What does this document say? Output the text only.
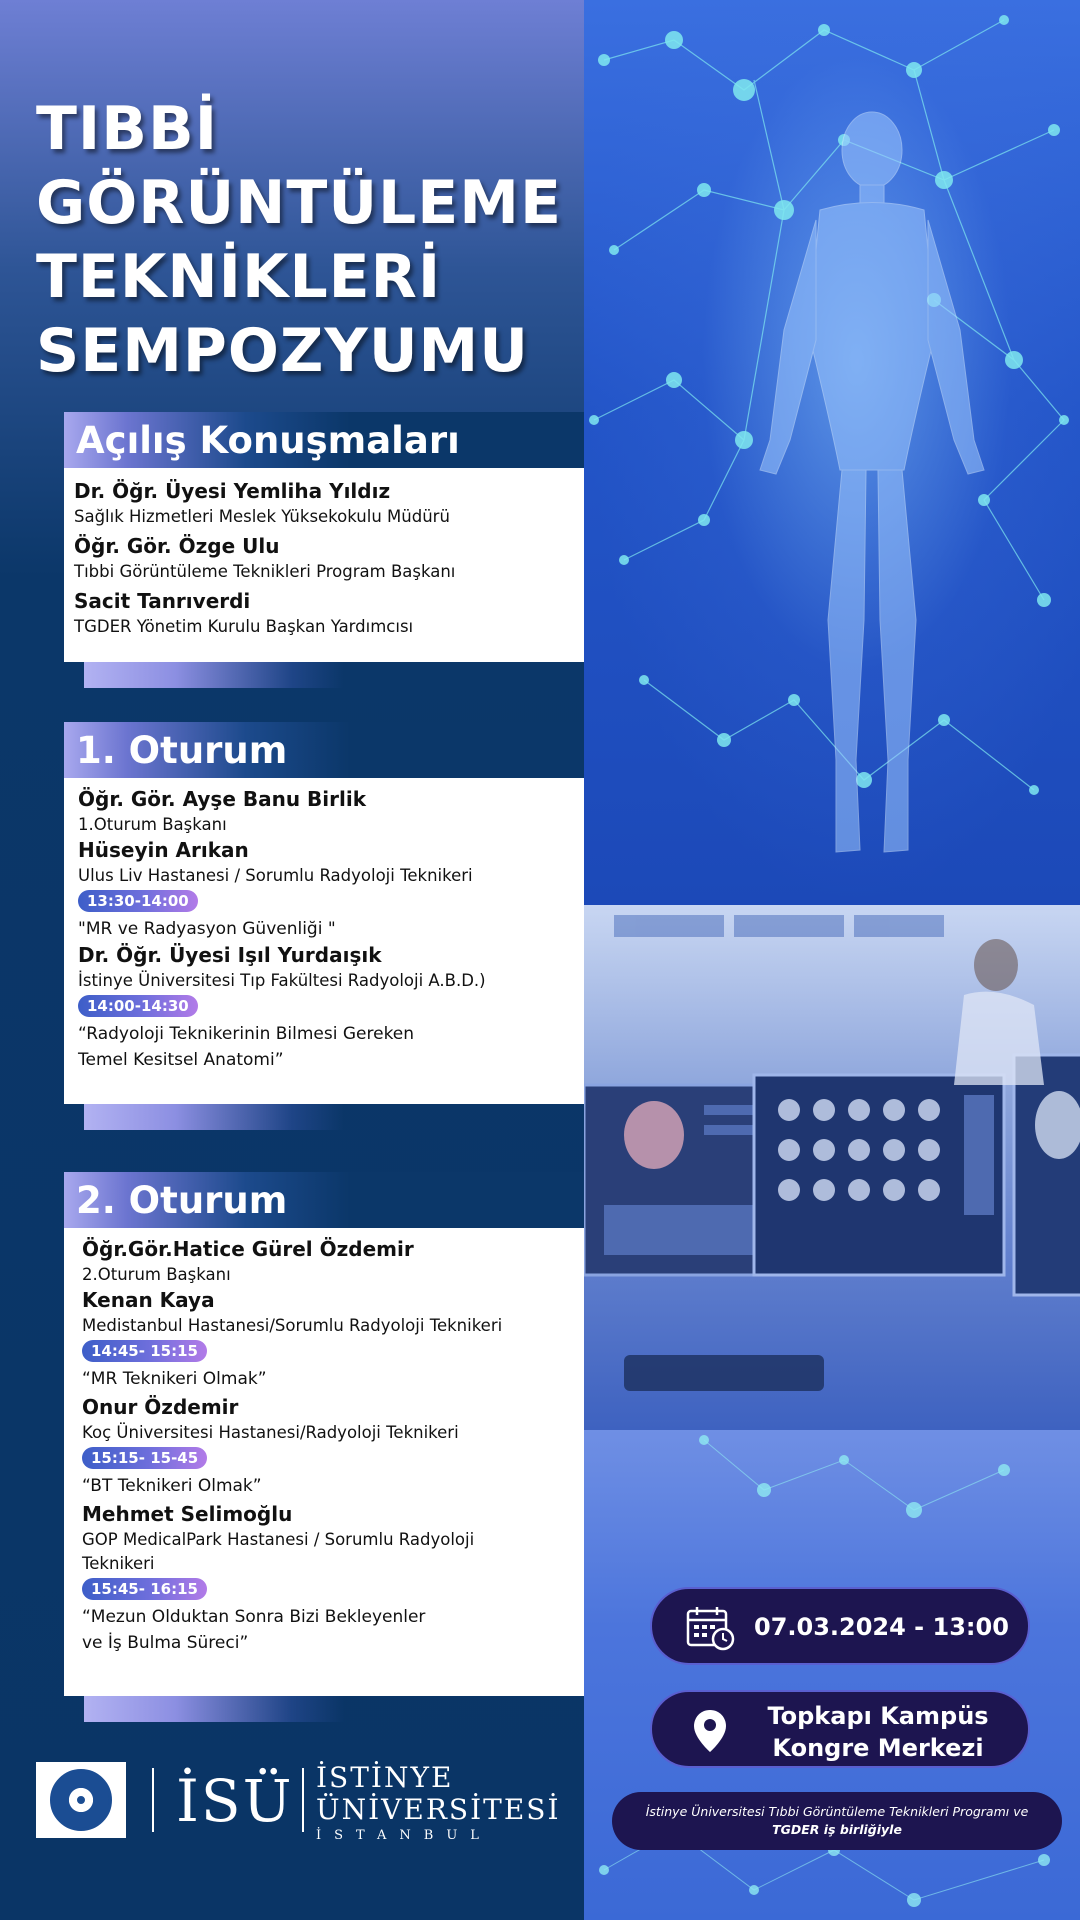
TIBBİ
GÖRÜNTÜLEME
TEKNİKLERİ
SEMPOZYUMU
Açılış Konuşmaları
Dr. Öğr. Üyesi Yemliha Yıldız
Sağlık Hizmetleri Meslek Yüksekokulu Müdürü
Öğr. Gör. Özge Ulu
Tıbbi Görüntüleme Teknikleri Program Başkanı
Sacit Tanrıverdi
TGDER Yönetim Kurulu Başkan Yardımcısı
1. Oturum
Öğr. Gör. Ayşe Banu Birlik
1.Oturum Başkanı
Hüseyin Arıkan
Ulus Liv Hastanesi / Sorumlu Radyoloji Teknikeri
13:30-14:00
"MR ve Radyasyon Güvenliği "
Dr. Öğr. Üyesi Işıl Yurdaışık
İstinye Üniversitesi Tıp Fakültesi Radyoloji A.B.D.)
14:00-14:30
“Radyoloji Teknikerinin Bilmesi Gereken
Temel Kesitsel Anatomi”
2. Oturum
Öğr.Gör.Hatice Gürel Özdemir
2.Oturum Başkanı
Kenan Kaya
Medistanbul Hastanesi/Sorumlu Radyoloji Teknikeri
14:45- 15:15
“MR Teknikeri Olmak”
Onur Özdemir
Koç Üniversitesi Hastanesi/Radyoloji Teknikeri
15:15- 15-45
“BT Teknikeri Olmak”
Mehmet Selimoğlu
GOP MedicalPark Hastanesi / Sorumlu Radyoloji
Teknikeri
15:45- 16:15
“Mezun Olduktan Sonra Bizi Bekleyenler
ve İş Bulma Süreci”
İSÜ İSTİNYE
ÜNİVERSİTESİ
İSTANBUL
07.03.2024 - 13:00
Topkapı Kampüs
Kongre Merkezi
İstinye Üniversitesi Tıbbi Görüntüleme Teknikleri Programı ve
TGDER iş birliğiyle
